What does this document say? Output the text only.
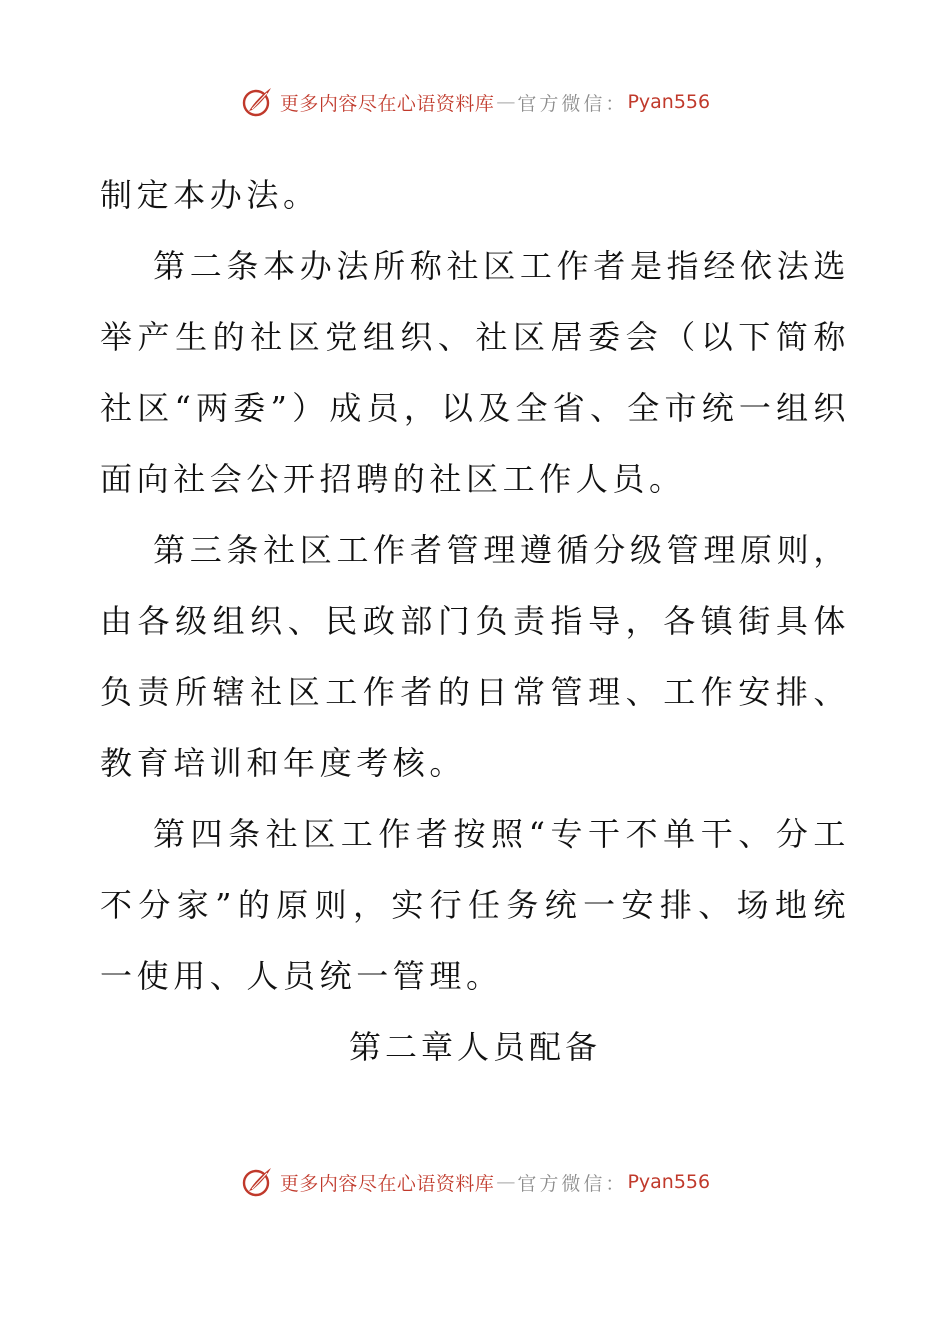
更多内容尽在心语资料库 — 官方微信： Pyan556

制定本办法。

第二条本办法所称社区工作者是指经依法选举产生的社区党组织、社区居委会（以下简称社区“两委”）成员，以及全省、全市统一组织面向社会公开招聘的社区工作人员。

第三条社区工作者管理遵循分级管理原则，由各级组织、民政部门负责指导，各镇街具体负责所辖社区工作者的日常管理、工作安排、教育培训和年度考核。

第四条社区工作者按照“专干不单干、分工不分家”的原则，实行任务统一安排、场地统一使用、人员统一管理。

第二章人员配备

更多内容尽在心语资料库 — 官方微信： Pyan556
